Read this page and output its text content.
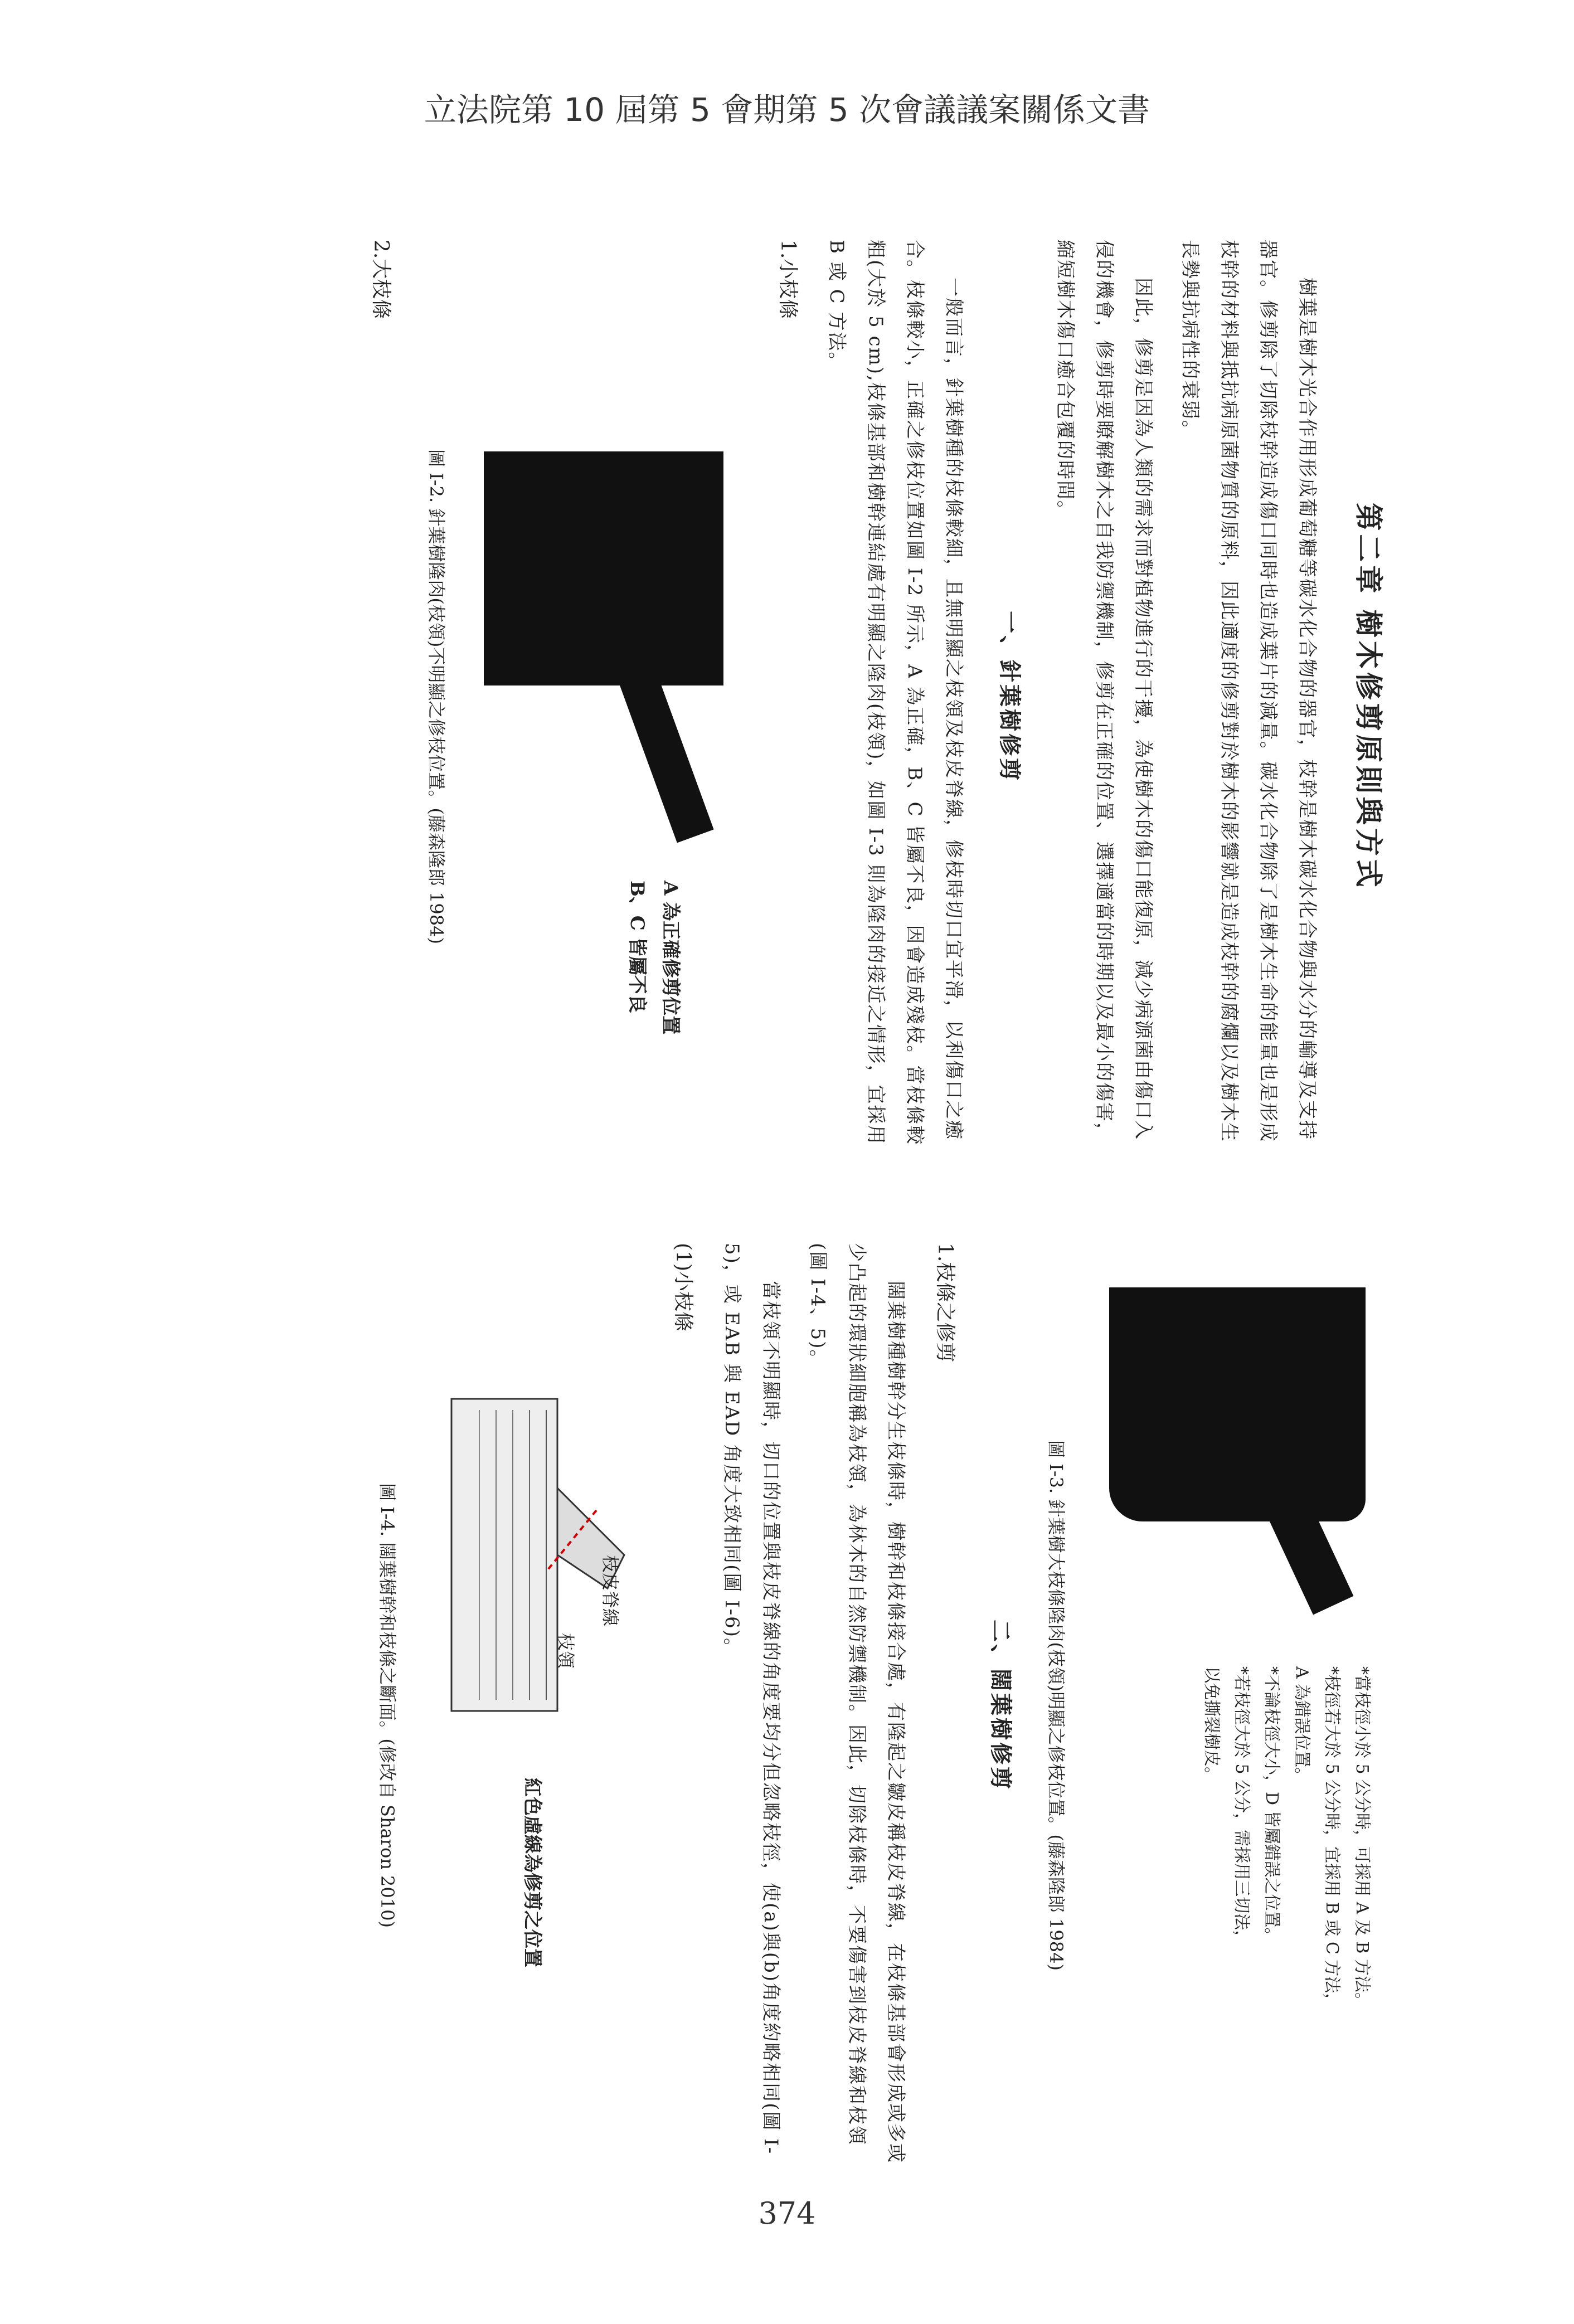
立法院第 10 屆第 5 會期第 5 次會議議案關係文書
第二章 樹木修剪原則與方式

樹葉是樹木光合作用形成葡萄糖等碳水化合物的器官，枝幹是樹木碳水化合物與水分的輸導及支持器官。修剪除了切除枝幹造成傷口同時也造成葉片的減量。碳水化合物除了是樹木生命的能量也是形成枝幹的材料與抵抗病原菌物質的原料，因此適度的修剪對於樹木的影響就是造成枝幹的腐爛以及樹木生長勢與抗病性的衰弱。

因此，修剪是因為人類的需求而對植物進行的干擾，為使樹木的傷口能復原，減少病源菌由傷口入侵的機會，修剪時要瞭解樹木之自我防禦機制，修剪在正確的位置、選擇適當的時期以及最小的傷害，縮短樹木傷口癒合包覆的時間。

一、針葉樹修剪

一般而言，針葉樹種的枝條較細，且無明顯之枝領及枝皮脊線，修枝時切口宜平滑，以利傷口之癒合。枝條較小，正確之修枝位置如圖 I-2 所示，A 為正確，B、C 皆屬不良，因會造成殘枝。當枝條較粗(大於 5 cm),枝條基部和樹幹連結處有明顯之隆肉(枝領)，如圖 I-3 則為隆肉的接近之情形，宜採用 B 或 C 方法。

1.小枝條
A 為正確修剪位置
B、C 皆屬不良
圖 I-2. 針葉樹隆肉(枝領)不明顯之修枝位置。(藤森隆郎 1984)
2.大枝條
*當枝徑小於 5 公分時，可採用 A 及 B 方法。
*枝徑若大於 5 公分時，宜採用 B 或 C 方法，
A 為錯誤位置。
*不論枝徑大小，D 皆屬錯誤之位置。
*若枝徑大於 5 公分，需採用三切法，
以免撕裂樹皮。
圖 I-3. 針葉樹大枝條隆肉(枝領)明顯之修枝位置。(藤森隆郎 1984)
二、闊葉樹修剪
1.枝條之修剪

闊葉樹種樹幹分生枝條時，樹幹和枝條接合處，有隆起之皺皮稱枝皮脊線，在枝條基部會形成或多或少凸起的環狀細胞稱為枝領，為林木的自然防禦機制。因此，切除枝條時，不要傷害到枝皮脊線和枝領(圖 I-4、5)。

當枝領不明顯時，切口的位置與枝皮脊線的角度要均分但忽略枝徑，使(a)與(b)角度約略相同(圖 I-5)，或 EAB 與 EAD 角度大致相同(圖 I-6)。

(1)小枝條
枝皮脊線
枝領
紅色虛線為修剪之位置
圖 I-4. 闊葉樹幹和枝條之斷面。(修改自 Sharon 2010)
374
